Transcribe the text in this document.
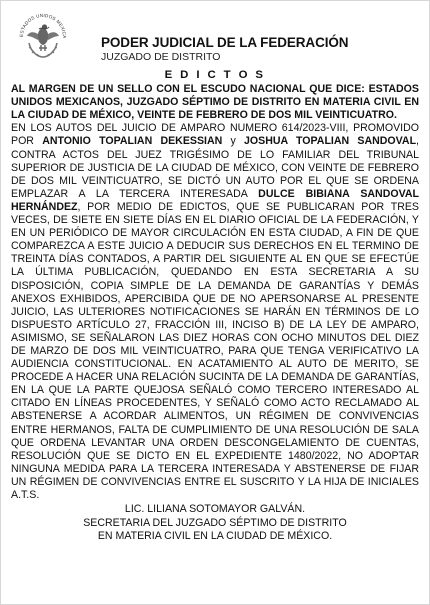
ESTADOS UNIDOS MEXICA	PODER JUDICIAL DE LA FEDERACIÓN
JUZGADO DE DISTRITO
E D I C T O S

AL MARGEN DE UN SELLO CON EL ESCUDO NACIONAL QUE DICE: ESTADOS UNIDOS MEXICANOS, JUZGADO SÉPTIMO DE DISTRITO EN MATERIA CIVIL EN LA CIUDAD DE MÉXICO, VEINTE DE FEBRERO DE DOS MIL VEINTICUATRO.

EN LOS AUTOS DEL JUICIO DE AMPARO NUMERO 614/2023-VIII, PROMOVIDO POR ANTONIO TOPALIAN DEKESSIAN y JOSHUA TOPALIAN SANDOVAL, CONTRA ACTOS DEL JUEZ TRIGÉSIMO DE LO FAMILIAR DEL TRIBUNAL SUPERIOR DE JUSTICIA DE LA CIUDAD DE MÉXICO, CON VEINTE DE FEBRERO DE DOS MIL VEINTICUATRO, SE DICTÓ UN AUTO POR EL QUE SE ORDENA EMPLAZAR A LA TERCERA INTERESADA DULCE BIBIANA SANDOVAL HERNÁNDEZ, POR MEDIO DE EDICTOS, QUE SE PUBLICARAN POR TRES VECES, DE SIETE EN SIETE DÍAS EN EL DIARIO OFICIAL DE LA FEDERACIÓN, Y EN UN PERIÓDICO DE MAYOR CIRCULACIÓN EN ESTA CIUDAD, A FIN DE QUE COMPAREZCA A ESTE JUICIO A DEDUCIR SUS DERECHOS EN EL TERMINO DE TREINTA DÍAS CONTADOS, A PARTIR DEL SIGUIENTE AL EN QUE SE EFECTÚE LA ÚLTIMA PUBLICACIÓN, QUEDANDO EN ESTA SECRETARIA A SU DISPOSICIÓN, COPIA SIMPLE DE LA DEMANDA DE GARANTÍAS Y DEMÁS ANEXOS EXHIBIDOS, APERCIBIDA QUE DE NO APERSONARSE AL PRESENTE JUICIO, LAS ULTERIORES NOTIFICACIONES SE HARÁN EN TÉRMINOS DE LO DISPUESTO ARTÍCULO 27, FRACCIÓN III, INCISO B) DE LA LEY DE AMPARO, ASIMISMO, SE SEÑALARON LAS DIEZ HORAS CON OCHO MINUTOS DEL DIEZ DE MARZO DE DOS MIL VEINTICUATRO, PARA QUE TENGA VERIFICATIVO LA AUDIENCIA CONSTITUCIONAL. EN ACATAMIENTO AL AUTO DE MERITO, SE PROCEDE A HACER UNA RELACIÓN SUCINTA DE LA DEMANDA DE GARANTÍAS, EN LA QUE LA PARTE QUEJOSA SEÑALÓ COMO TERCERO INTERESADO AL CITADO EN LÍNEAS PROCEDENTES, Y SEÑALÓ COMO ACTO RECLAMADO AL ABSTENERSE A ACORDAR ALIMENTOS, UN RÉGIMEN DE CONVIVENCIAS ENTRE HERMANOS, FALTA DE CUMPLIMIENTO DE UNA RESOLUCIÓN DE SALA QUE ORDENA LEVANTAR UNA ORDEN DESCONGELAMIENTO DE CUENTAS, RESOLUCIÓN QUE SE DICTO EN EL EXPEDIENTE 1480/2022, NO ADOPTAR NINGUNA MEDIDA PARA LA TERCERA INTERESADA Y ABSTENERSE DE FIJAR UN RÉGIMEN DE CONVIVENCIAS ENTRE EL SUSCRITO Y LA HIJA DE INICIALES A.T.S.

LIC. LILIANA SOTOMAYOR GALVÁN.
SECRETARIA DEL JUZGADO SÉPTIMO DE DISTRITO
EN MATERIA CIVIL EN LA CIUDAD DE MÉXICO.
